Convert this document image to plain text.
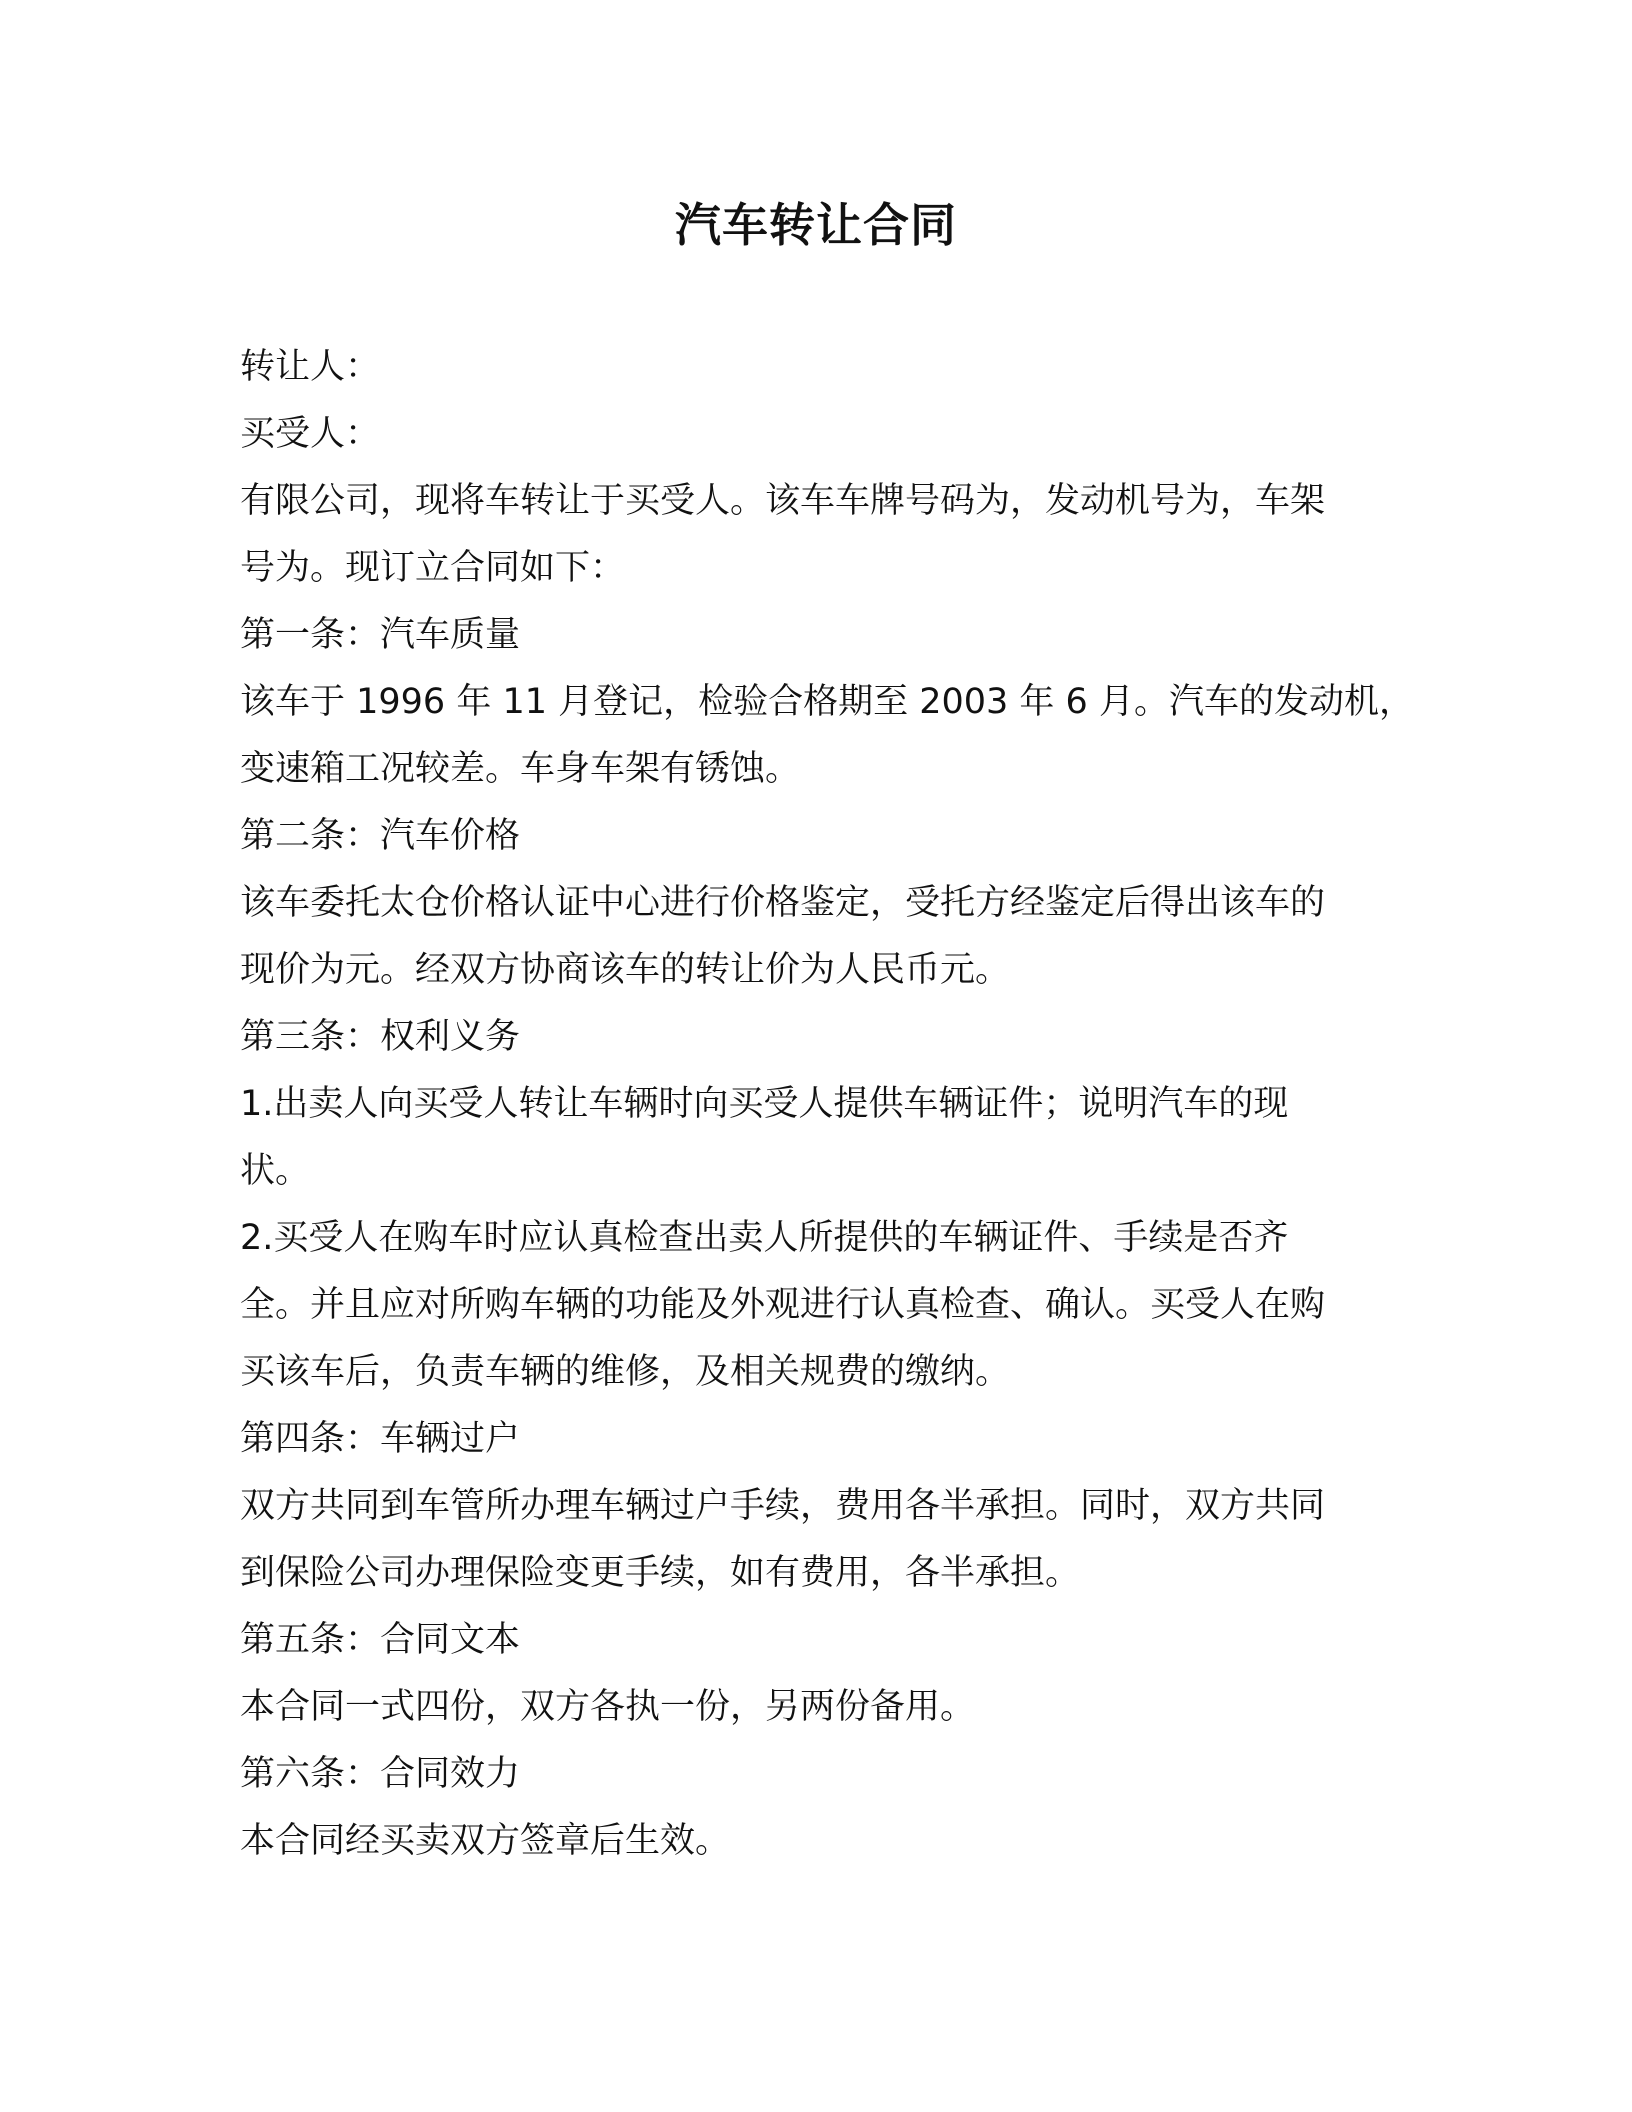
汽车转让合同
转让人：
买受人：
有限公司，现将车转让于买受人。该车车牌号码为，发动机号为，车架
号为。现订立合同如下：
第一条：汽车质量
该车于 1996 年 11 月登记，检验合格期至 2003 年 6 月。汽车的发动机，
变速箱工况较差。车身车架有锈蚀。
第二条：汽车价格
该车委托太仓价格认证中心进行价格鉴定，受托方经鉴定后得出该车的
现价为元。经双方协商该车的转让价为人民币元。
第三条：权利义务
1.出卖人向买受人转让车辆时向买受人提供车辆证件；说明汽车的现
状。
2.买受人在购车时应认真检查出卖人所提供的车辆证件、手续是否齐
全。并且应对所购车辆的功能及外观进行认真检查、确认。买受人在购
买该车后，负责车辆的维修，及相关规费的缴纳。
第四条：车辆过户
双方共同到车管所办理车辆过户手续，费用各半承担。同时，双方共同
到保险公司办理保险变更手续，如有费用，各半承担。
第五条：合同文本
本合同一式四份，双方各执一份，另两份备用。
第六条：合同效力
本合同经买卖双方签章后生效。
